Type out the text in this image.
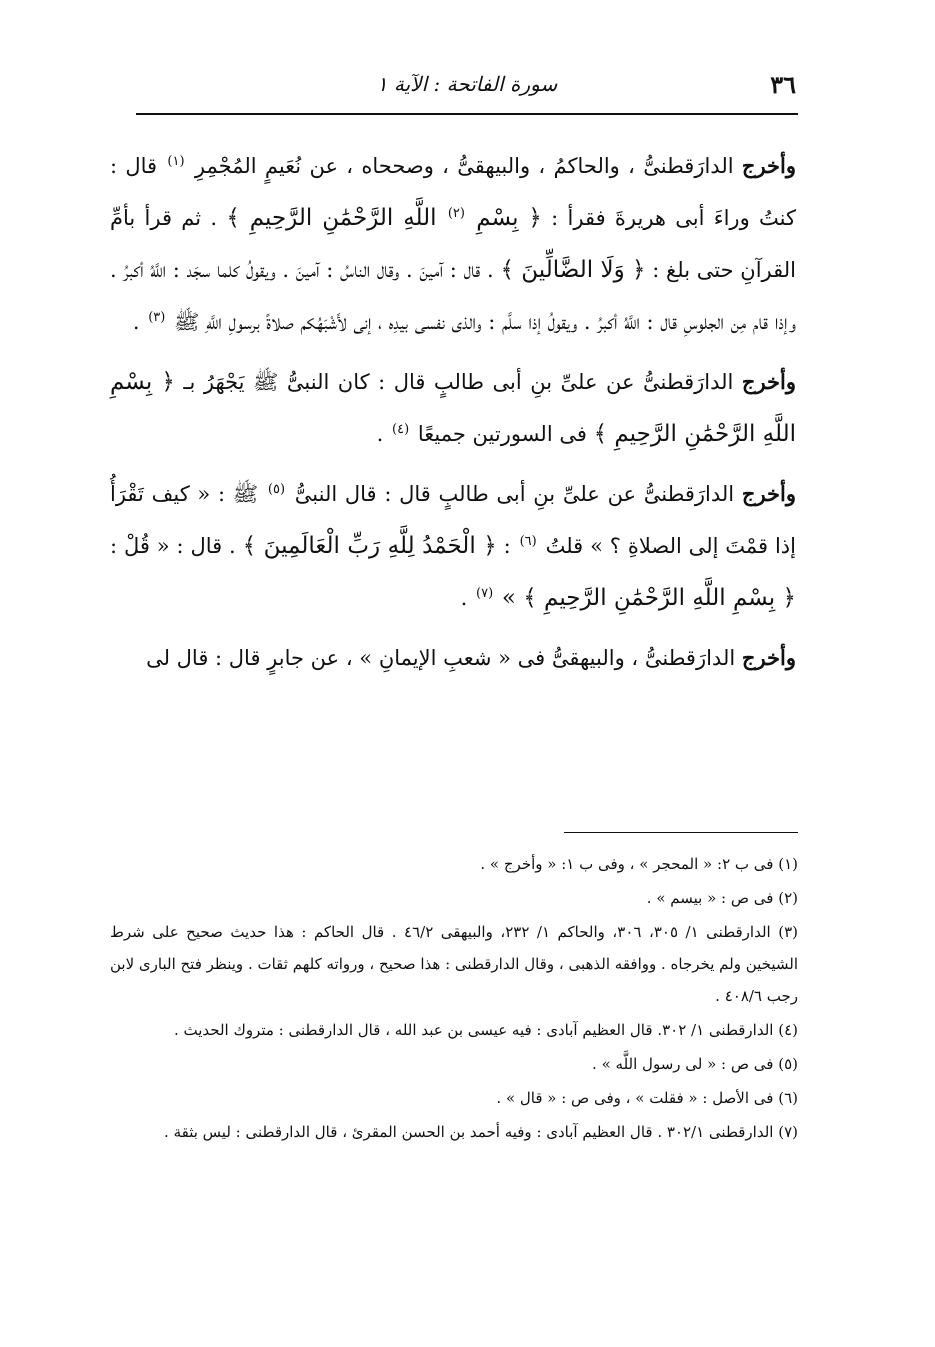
٣٦
سورة الفاتحة : الآية ١

وأخرج الدارَقطنىُّ ، والحاكمُ ، والبيهقىُّ ، وصححاه ، عن نُعَيمٍ المُجْمِرِ $^{(١)}$ قال : كنتُ وراءَ أبى هريرةَ فقرأ : ﴿ بِسْمِ $^{(٢)}$ اللَّهِ الرَّحْمَٰنِ الرَّحِيمِ ﴾ . ثم قرأ بأمِّ القرآنِ حتى بلغ : ﴿ وَلَا الضَّالِّينَ ﴾ . قال : آمينَ . وقال الناسُ : آمينَ . ويقولُ كلما سجَد : اللَّهُ أكبرُ . وإذا قام مِن الجلوسِ قال : اللَّهُ أكبرُ . ويقولُ إذا سلَّم : والذى نفسى بيدِه ، إنى لأَشْبَهُكم صلاةً برسولِ اللَّهِ ﷺ $^{(٣)}$ .

وأخرج الدارَقطنىُّ عن علىِّ بنِ أبى طالبٍ قال : كان النبىُّ ﷺ يَجْهَرُ بـ ﴿ بِسْمِ اللَّهِ الرَّحْمَٰنِ الرَّحِيمِ ﴾ فى السورتين جميعًا $^{(٤)}$ .

وأخرج الدارَقطنىُّ عن علىِّ بنِ أبى طالبٍ قال : قال النبىُّ $^{(٥)}$ ﷺ : « كيف تَقْرَأُ إذا قمْتَ إلى الصلاةِ ؟ » قلتُ $^{(٦)}$ : ﴿ الْحَمْدُ لِلَّهِ رَبِّ الْعَالَمِينَ ﴾ . قال : « قُلْ : ﴿ بِسْمِ اللَّهِ الرَّحْمَٰنِ الرَّحِيمِ ﴾ » $^{(٧)}$ .

وأخرج الدارَقطنىُّ ، والبيهقىُّ فى « شعبِ الإيمانِ » ، عن جابرٍ قال : قال لى

(١) فى ب ٢: « المحجر » ، وفى ب ١: « وأخرج » .

(٢) فى ص : « بيسم » .

(٣) الدارقطنى ١/ ٣٠٥، ٣٠٦، والحاكم ١/ ٢٣٢، والبيهقى ٤٦/٢ . قال الحاكم : هذا حديث صحيح على شرط الشيخين ولم يخرجاه . ووافقه الذهبى ، وقال الدارقطنى : هذا صحيح ، ورواته كلهم ثقات . وينظر فتح البارى لابن رجب ٤٠٨/٦ .

(٤) الدارقطنى ١/ ٣٠٢. قال العظيم آبادى : فيه عيسى بن عبد الله ، قال الدارقطنى : متروك الحديث .

(٥) فى ص : « لى رسول اللَّه » .

(٦) فى الأصل : « فقلت » ، وفى ص : « قال » .

(٧) الدارقطنى ٣٠٢/١ . قال العظيم آبادى : وفيه أحمد بن الحسن المقرئ ، قال الدارقطنى : ليس بثقة .
